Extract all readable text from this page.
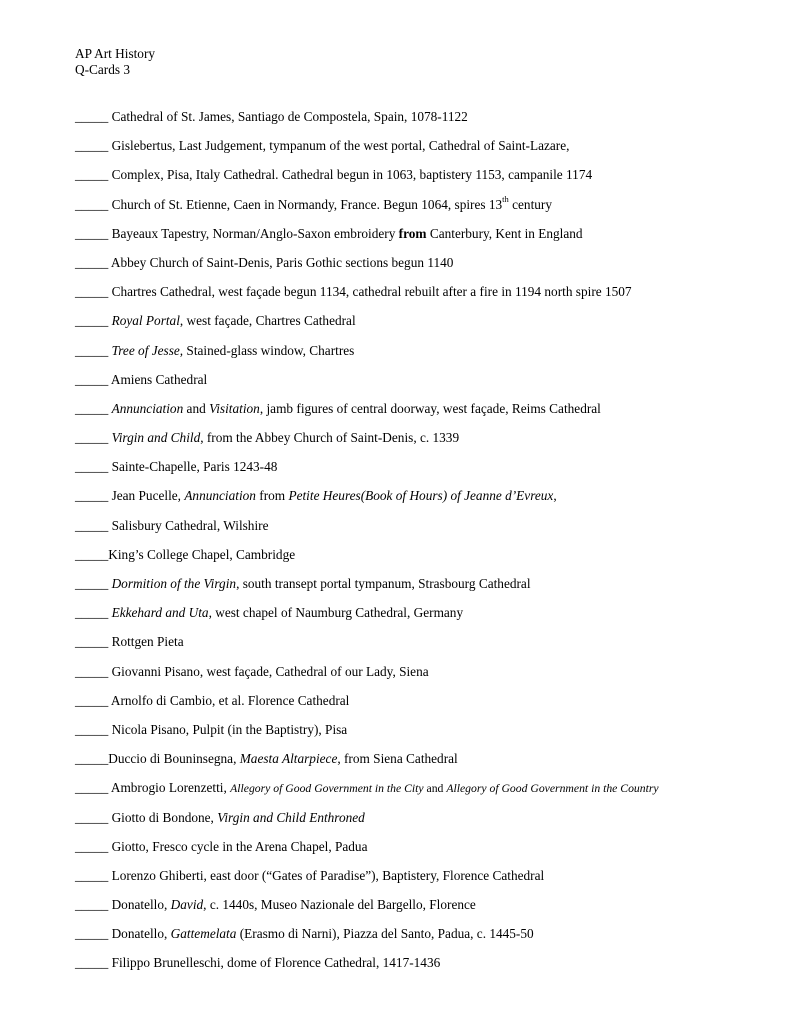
AP Art History
Q-Cards 3
_____ Cathedral of St. James, Santiago de Compostela, Spain, 1078-1122
_____ Gislebertus, Last Judgement, tympanum of the west portal, Cathedral of Saint-Lazare,
_____ Complex, Pisa, Italy Cathedral. Cathedral begun in 1063, baptistery 1153, campanile 1174
_____ Church of St. Etienne, Caen in Normandy, France. Begun 1064, spires 13th century
_____ Bayeaux Tapestry, Norman/Anglo-Saxon embroidery from Canterbury, Kent in England
_____ Abbey Church of Saint-Denis, Paris Gothic sections begun 1140
_____ Chartres Cathedral, west façade begun 1134, cathedral rebuilt after a fire in 1194 north spire 1507
_____ Royal Portal, west façade, Chartres Cathedral
_____ Tree of Jesse, Stained-glass window, Chartres
_____ Amiens Cathedral
_____ Annunciation and Visitation, jamb figures of central doorway, west façade, Reims Cathedral
_____ Virgin and Child, from the Abbey Church of Saint-Denis, c. 1339
_____ Sainte-Chapelle, Paris 1243-48
_____ Jean Pucelle, Annunciation from Petite Heures(Book of Hours) of Jeanne d’Evreux,
_____ Salisbury Cathedral, Wilshire
_____King’s College Chapel, Cambridge
_____ Dormition of the Virgin, south transept portal tympanum, Strasbourg Cathedral
_____ Ekkehard and Uta, west chapel of Naumburg Cathedral, Germany
_____ Rottgen Pieta
_____ Giovanni Pisano, west façade, Cathedral of our Lady, Siena
_____ Arnolfo di Cambio, et al. Florence Cathedral
_____ Nicola Pisano, Pulpit (in the Baptistry), Pisa
_____Duccio di Bouninsegna, Maesta Altarpiece, from Siena Cathedral
_____ Ambrogio Lorenzetti, Allegory of Good Government in the City and Allegory of Good Government in the Country
_____ Giotto di Bondone, Virgin and Child Enthroned
_____ Giotto, Fresco cycle in the Arena Chapel, Padua
_____ Lorenzo Ghiberti, east door (“Gates of Paradise”), Baptistery, Florence Cathedral
_____ Donatello, David, c. 1440s, Museo Nazionale del Bargello, Florence
_____ Donatello, Gattemelata (Erasmo di Narni), Piazza del Santo, Padua, c. 1445-50
_____ Filippo Brunelleschi, dome of Florence Cathedral, 1417-1436
